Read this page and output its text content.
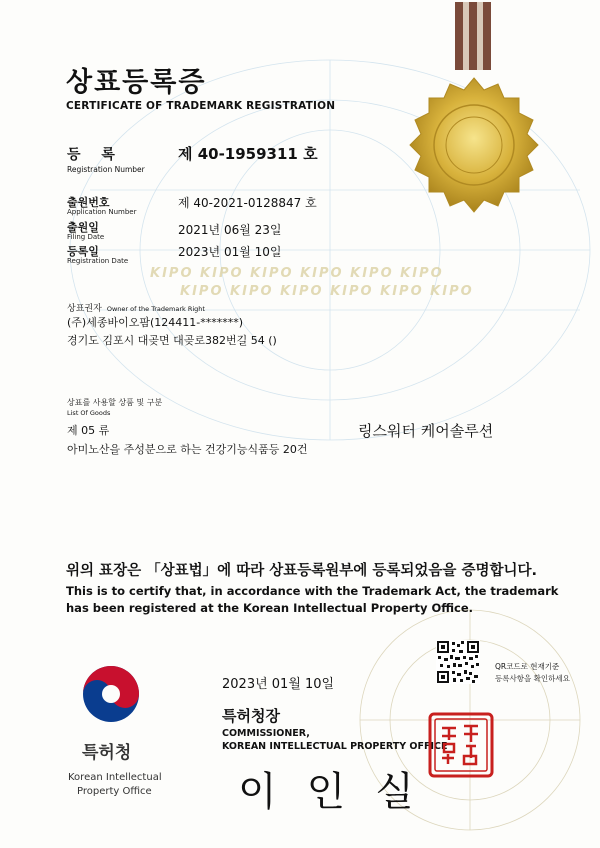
KIPO KIPO KIPO KIPO KIPO KIPO
KIPO KIPO KIPO KIPO KIPO KIPO
상표등록증
CERTIFICATE OF TRADEMARK REGISTRATION
등 록
Registration Number
제 40-1959311 호
출원번호
Application Number
제 40-2021-0128847 호
출원일
Filing Date	2021년 06월 23일
등록일
Registration Date
2023년 01월 10일
상표권자 Owner of the Trademark Right
(주)세종바이오팜(124411-*******)
경기도 김포시 대곶면 대곶로382번길 54 ()
상표를 사용할 상품 및 구분
List Of Goods
제 05 류
아미노산을 주성분으로 하는 건강기능식품등 20건
링스워터 케어솔루션
위의 표장은 「상표법」에 따라 상표등록원부에 등록되었음을 증명합니다.
This is to certify that, in accordance with the Trademark Act, the trademark has been registered at the Korean Intellectual Property Office.
QR코드로 현재기준
등록사항을 확인하세요
2023년 01월 10일
특허청장
COMMISSIONER,
KOREAN INTELLECTUAL PROPERTY OFFICE
이인실
특허청
Korean Intellectual
Property Office
